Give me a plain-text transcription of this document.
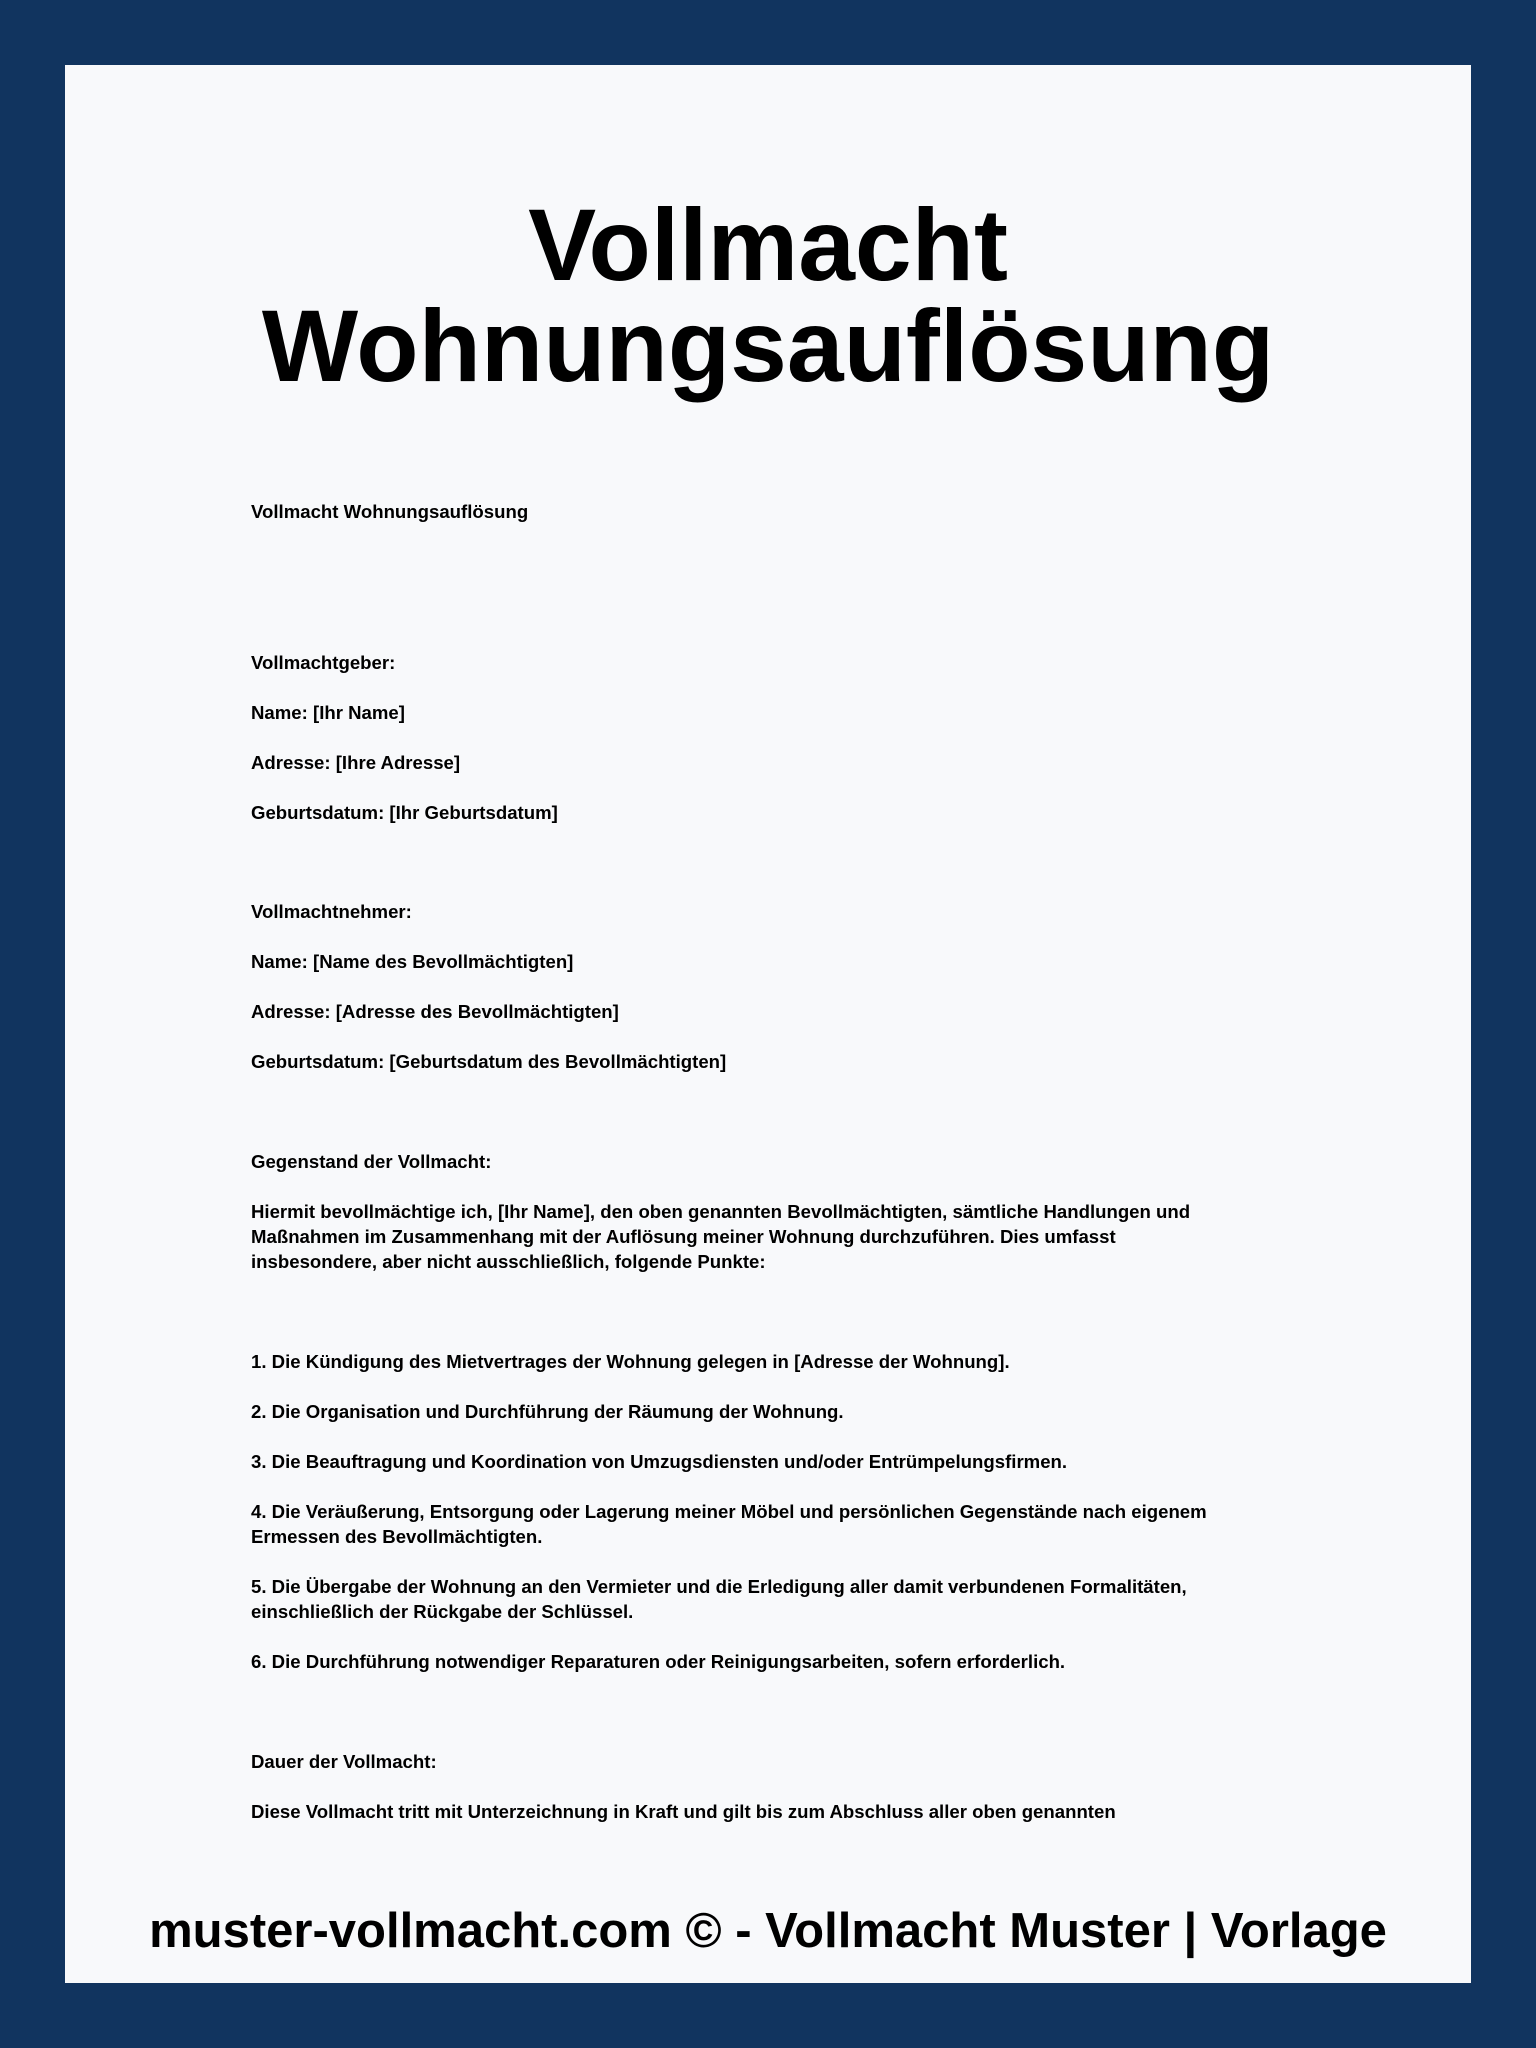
Vollmacht
Wohnungsauflösung
Vollmacht Wohnungsauflösung
Vollmachtgeber:
Name: [Ihr Name]
Adresse: [Ihre Adresse]
Geburtsdatum: [Ihr Geburtsdatum]
Vollmachtnehmer:
Name: [Name des Bevollmächtigten]
Adresse: [Adresse des Bevollmächtigten]
Geburtsdatum: [Geburtsdatum des Bevollmächtigten]
Gegenstand der Vollmacht:
Hiermit bevollmächtige ich, [Ihr Name], den oben genannten Bevollmächtigten, sämtliche Handlungen und
Maßnahmen im Zusammenhang mit der Auflösung meiner Wohnung durchzuführen. Dies umfasst
insbesondere, aber nicht ausschließlich, folgende Punkte:
1. Die Kündigung des Mietvertrages der Wohnung gelegen in [Adresse der Wohnung].
2. Die Organisation und Durchführung der Räumung der Wohnung.
3. Die Beauftragung und Koordination von Umzugsdiensten und/oder Entrümpelungsfirmen.
4. Die Veräußerung, Entsorgung oder Lagerung meiner Möbel und persönlichen Gegenstände nach eigenem
Ermessen des Bevollmächtigten.
5. Die Übergabe der Wohnung an den Vermieter und die Erledigung aller damit verbundenen Formalitäten,
einschließlich der Rückgabe der Schlüssel.
6. Die Durchführung notwendiger Reparaturen oder Reinigungsarbeiten, sofern erforderlich.
Dauer der Vollmacht:
Diese Vollmacht tritt mit Unterzeichnung in Kraft und gilt bis zum Abschluss aller oben genannten
muster-vollmacht.com © - Vollmacht Muster | Vorlage
